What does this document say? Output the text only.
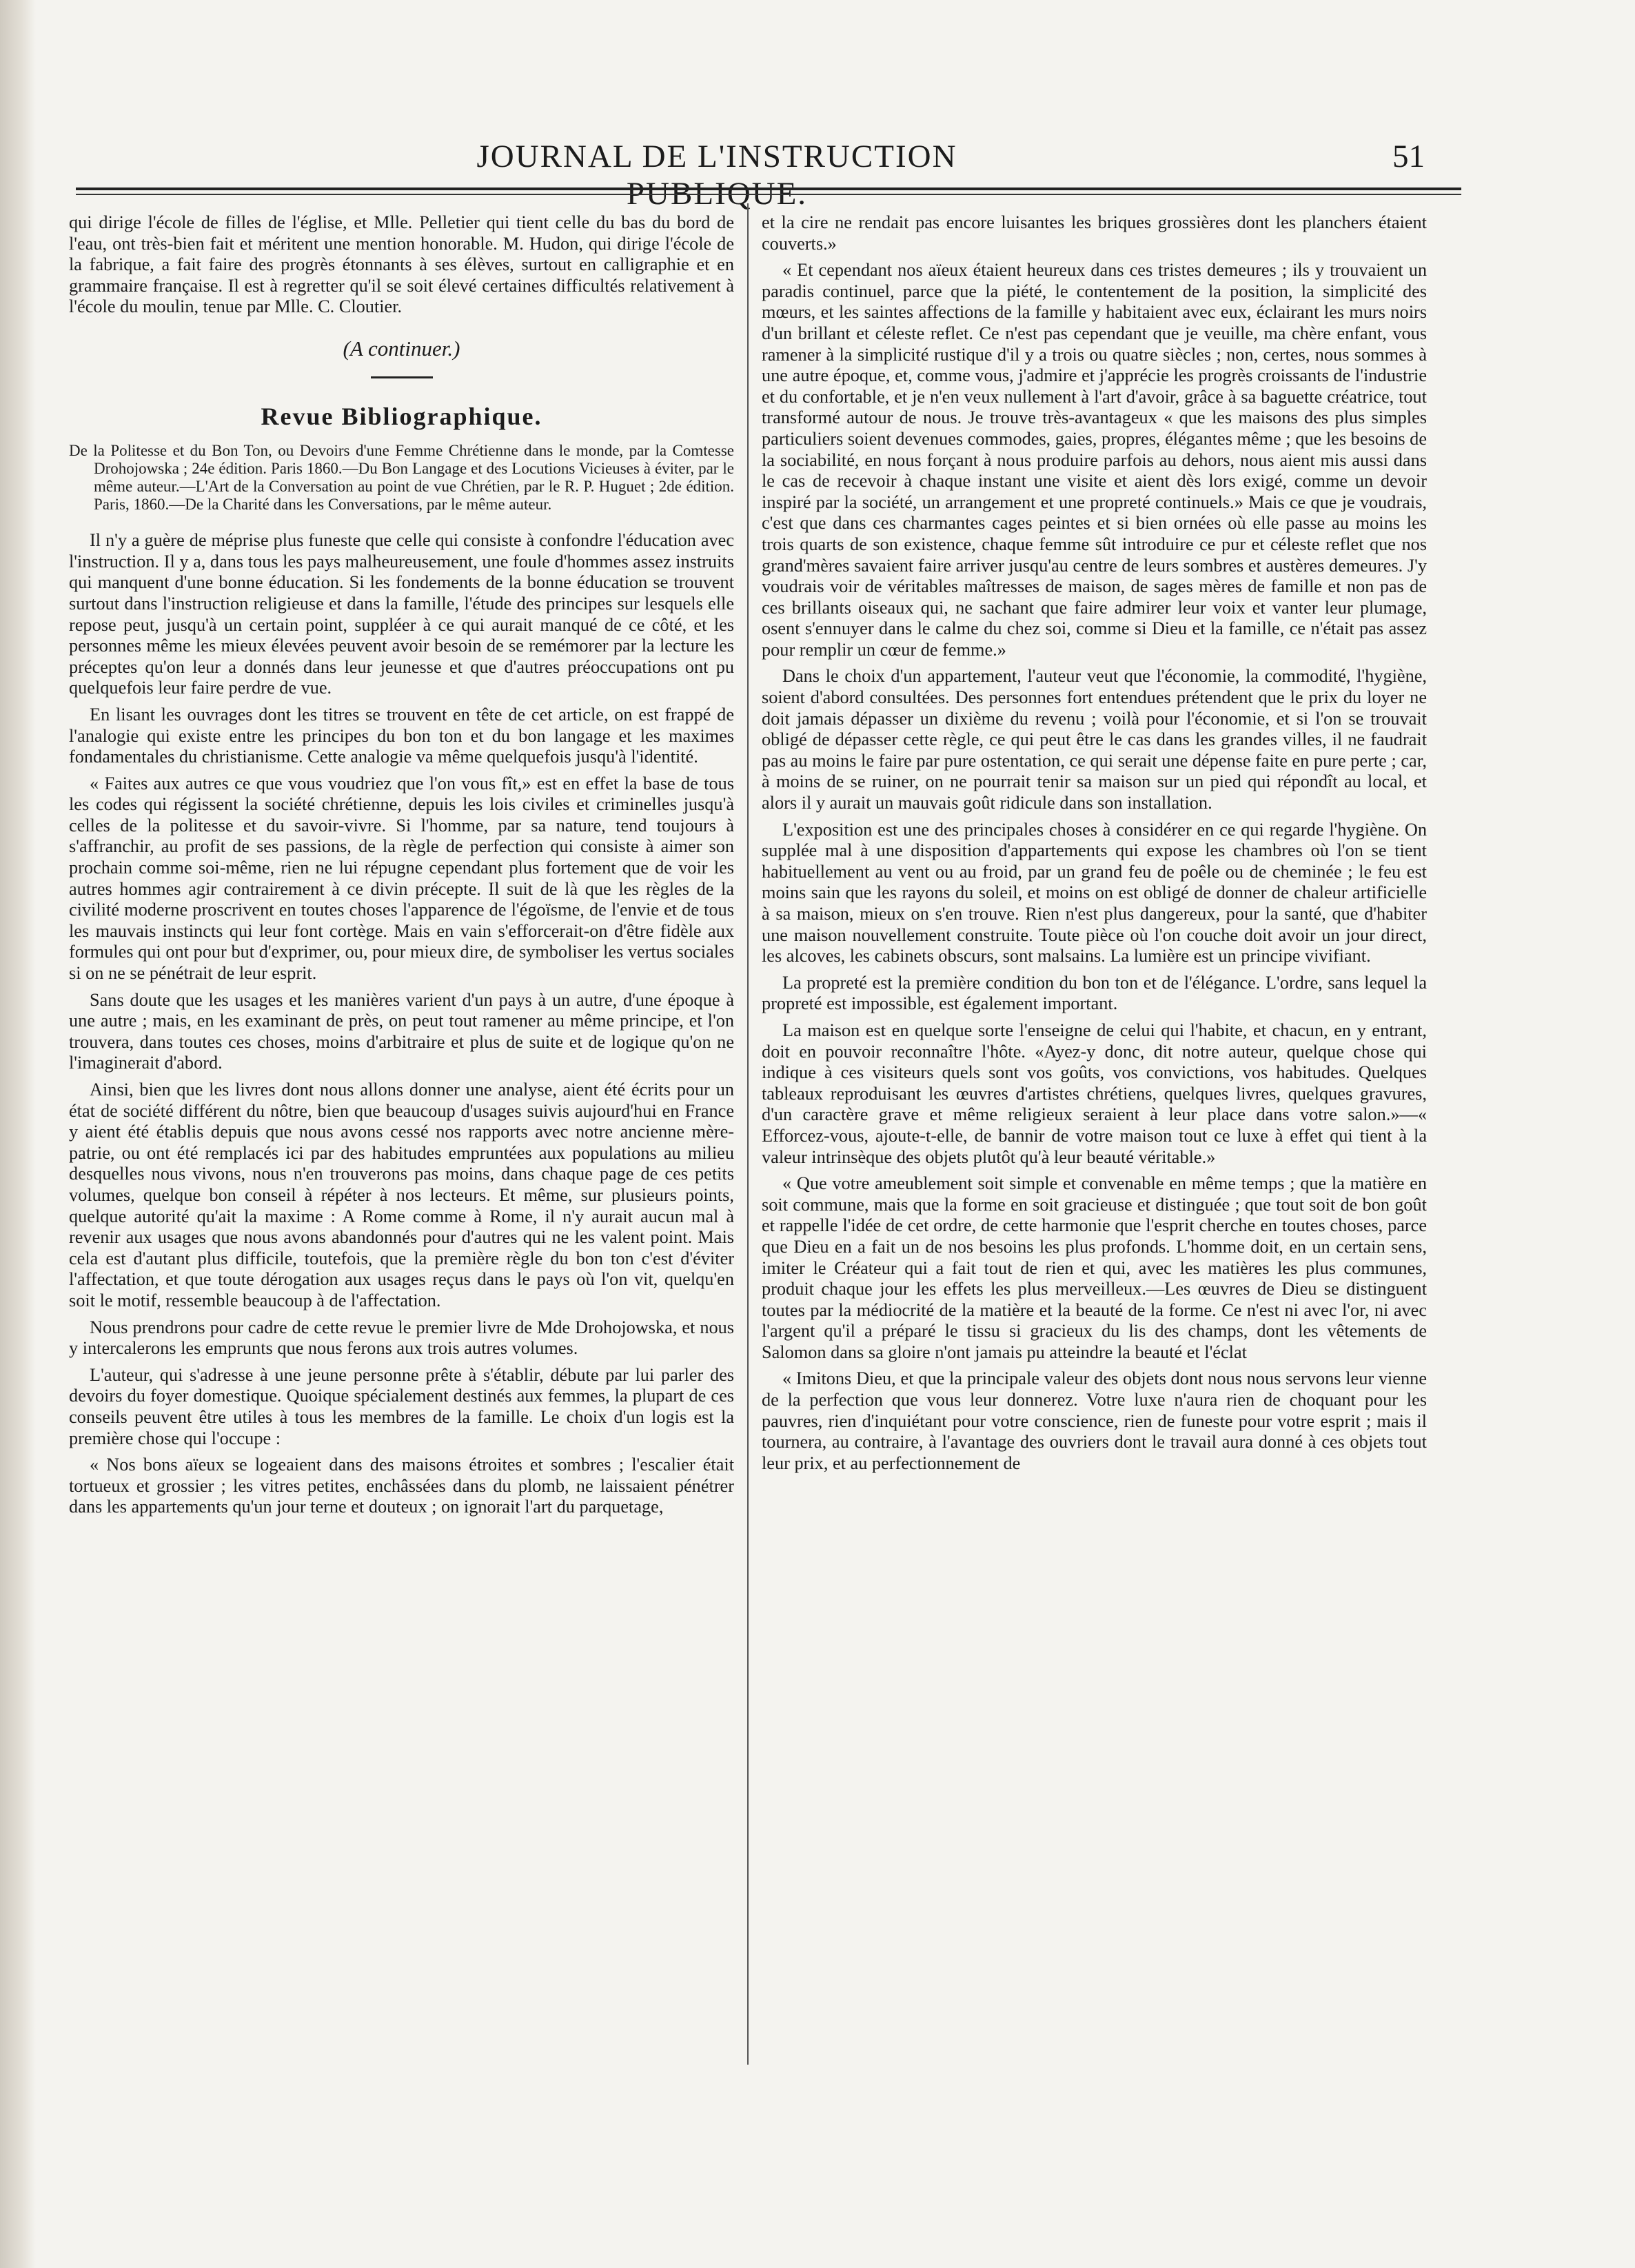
JOURNAL DE L'INSTRUCTION	51

qui dirige l'école de filles de l'église, et Mlle. Pelletier qui tient celle du bas du bord de l'eau, ont très-bien fait et méritent une mention honorable. M. Hudon, qui dirige l'école de la fabrique, a fait faire des progrès étonnants à ses élèves, surtout en calligraphie et en grammaire française. Il est à regretter qu'il se soit élevé certaines difficultés relativement à l'école du moulin, tenue par Mlle. C. Cloutier.

(A continuer.)
Revue Bibliographique.
De la Politesse et du Bon Ton, ou Devoirs d'une Femme Chrétienne dans le monde, par la Comtesse Drohojowska ; 24e édition. Paris 1860.—Du Bon Langage et des Locutions Vicieuses à éviter, par le même auteur.—L'Art de la Conversation au point de vue Chrétien, par le R. P. Huguet ; 2de édition. Paris, 1860.—De la Charité dans les Conversations, par le même auteur.

Il n'y a guère de méprise plus funeste que celle qui consiste à confondre l'éducation avec l'instruction. Il y a, dans tous les pays malheureusement, une foule d'hommes assez instruits qui manquent d'une bonne éducation. Si les fondements de la bonne éducation se trouvent surtout dans l'instruction religieuse et dans la famille, l'étude des principes sur lesquels elle repose peut, jusqu'à un certain point, suppléer à ce qui aurait manqué de ce côté, et les personnes même les mieux élevées peuvent avoir besoin de se remémorer par la lecture les préceptes qu'on leur a donnés dans leur jeunesse et que d'autres préoccupations ont pu quelquefois leur faire perdre de vue.

En lisant les ouvrages dont les titres se trouvent en tête de cet article, on est frappé de l'analogie qui existe entre les principes du bon ton et du bon langage et les maximes fondamentales du christianisme. Cette analogie va même quelquefois jusqu'à l'identité.

« Faites aux autres ce que vous voudriez que l'on vous fît,» est en effet la base de tous les codes qui régissent la société chrétienne, depuis les lois civiles et criminelles jusqu'à celles de la politesse et du savoir-vivre. Si l'homme, par sa nature, tend toujours à s'affranchir, au profit de ses passions, de la règle de perfection qui consiste à aimer son prochain comme soi-même, rien ne lui répugne cependant plus fortement que de voir les autres hommes agir contrairement à ce divin précepte. Il suit de là que les règles de la civilité moderne proscrivent en toutes choses l'apparence de l'égoïsme, de l'envie et de tous les mauvais instincts qui leur font cortège. Mais en vain s'efforcerait-on d'être fidèle aux formules qui ont pour but d'exprimer, ou, pour mieux dire, de symboliser les vertus sociales si on ne se pénétrait de leur esprit.

Sans doute que les usages et les manières varient d'un pays à un autre, d'une époque à une autre ; mais, en les examinant de près, on peut tout ramener au même principe, et l'on trouvera, dans toutes ces choses, moins d'arbitraire et plus de suite et de logique qu'on ne l'imaginerait d'abord.

Ainsi, bien que les livres dont nous allons donner une analyse, aient été écrits pour un état de société différent du nôtre, bien que beaucoup d'usages suivis aujourd'hui en France y aient été établis depuis que nous avons cessé nos rapports avec notre ancienne mère-patrie, ou ont été remplacés ici par des habitudes empruntées aux populations au milieu desquelles nous vivons, nous n'en trouverons pas moins, dans chaque page de ces petits volumes, quelque bon conseil à répéter à nos lecteurs. Et même, sur plusieurs points, quelque autorité qu'ait la maxime : A Rome comme à Rome, il n'y aurait aucun mal à revenir aux usages que nous avons abandonnés pour d'autres qui ne les valent point. Mais cela est d'autant plus difficile, toutefois, que la première règle du bon ton c'est d'éviter l'affectation, et que toute dérogation aux usages reçus dans le pays où l'on vit, quelqu'en soit le motif, ressemble beaucoup à de l'affectation.

Nous prendrons pour cadre de cette revue le premier livre de Mde Drohojowska, et nous y intercalerons les emprunts que nous ferons aux trois autres volumes.

L'auteur, qui s'adresse à une jeune personne prête à s'établir, débute par lui parler des devoirs du foyer domestique. Quoique spécialement destinés aux femmes, la plupart de ces conseils peuvent être utiles à tous les membres de la famille. Le choix d'un logis est la première chose qui l'occupe :

« Nos bons aïeux se logeaient dans des maisons étroites et sombres ; l'escalier était tortueux et grossier ; les vitres petites, enchâssées dans du plomb, ne laissaient pénétrer dans les appartements qu'un jour terne et douteux ; on ignorait l'art du parquetage,

et la cire ne rendait pas encore luisantes les briques grossières dont les planchers étaient couverts.»

« Et cependant nos aïeux étaient heureux dans ces tristes demeures ; ils y trouvaient un paradis continuel, parce que la piété, le contentement de la position, la simplicité des mœurs, et les saintes affections de la famille y habitaient avec eux, éclairant les murs noirs d'un brillant et céleste reflet. Ce n'est pas cependant que je veuille, ma chère enfant, vous ramener à la simplicité rustique d'il y a trois ou quatre siècles ; non, certes, nous sommes à une autre époque, et, comme vous, j'admire et j'apprécie les progrès croissants de l'industrie et du confortable, et je n'en veux nullement à l'art d'avoir, grâce à sa baguette créatrice, tout transformé autour de nous. Je trouve très-avantageux « que les maisons des plus simples particuliers soient devenues commodes, gaies, propres, élégantes même ; que les besoins de la sociabilité, en nous forçant à nous produire parfois au dehors, nous aient mis aussi dans le cas de recevoir à chaque instant une visite et aient dès lors exigé, comme un devoir inspiré par la société, un arrangement et une propreté continuels.» Mais ce que je voudrais, c'est que dans ces charmantes cages peintes et si bien ornées où elle passe au moins les trois quarts de son existence, chaque femme sût introduire ce pur et céleste reflet que nos grand'mères savaient faire arriver jusqu'au centre de leurs sombres et austères demeures. J'y voudrais voir de véritables maîtresses de maison, de sages mères de famille et non pas de ces brillants oiseaux qui, ne sachant que faire admirer leur voix et vanter leur plumage, osent s'ennuyer dans le calme du chez soi, comme si Dieu et la famille, ce n'était pas assez pour remplir un cœur de femme.»

Dans le choix d'un appartement, l'auteur veut que l'économie, la commodité, l'hygiène, soient d'abord consultées. Des personnes fort entendues prétendent que le prix du loyer ne doit jamais dépasser un dixième du revenu ; voilà pour l'économie, et si l'on se trouvait obligé de dépasser cette règle, ce qui peut être le cas dans les grandes villes, il ne faudrait pas au moins le faire par pure ostentation, ce qui serait une dépense faite en pure perte ; car, à moins de se ruiner, on ne pourrait tenir sa maison sur un pied qui répondît au local, et alors il y aurait un mauvais goût ridicule dans son installation.

L'exposition est une des principales choses à considérer en ce qui regarde l'hygiène. On supplée mal à une disposition d'appartements qui expose les chambres où l'on se tient habituellement au vent ou au froid, par un grand feu de poêle ou de cheminée ; le feu est moins sain que les rayons du soleil, et moins on est obligé de donner de chaleur artificielle à sa maison, mieux on s'en trouve. Rien n'est plus dangereux, pour la santé, que d'habiter une maison nouvellement construite. Toute pièce où l'on couche doit avoir un jour direct, les alcoves, les cabinets obscurs, sont malsains. La lumière est un principe vivifiant.

La propreté est la première condition du bon ton et de l'élégance. L'ordre, sans lequel la propreté est impossible, est également important.

La maison est en quelque sorte l'enseigne de celui qui l'habite, et chacun, en y entrant, doit en pouvoir reconnaître l'hôte. «Ayez-y donc, dit notre auteur, quelque chose qui indique à ces visiteurs quels sont vos goûts, vos convictions, vos habitudes. Quelques tableaux reproduisant les œuvres d'artistes chrétiens, quelques livres, quelques gravures, d'un caractère grave et même religieux seraient à leur place dans votre salon.»—« Efforcez-vous, ajoute-t-elle, de bannir de votre maison tout ce luxe à effet qui tient à la valeur intrinsèque des objets plutôt qu'à leur beauté véritable.»

« Que votre ameublement soit simple et convenable en même temps ; que la matière en soit commune, mais que la forme en soit gracieuse et distinguée ; que tout soit de bon goût et rappelle l'idée de cet ordre, de cette harmonie que l'esprit cherche en toutes choses, parce que Dieu en a fait un de nos besoins les plus profonds. L'homme doit, en un certain sens, imiter le Créateur qui a fait tout de rien et qui, avec les matières les plus communes, produit chaque jour les effets les plus merveilleux.—Les œuvres de Dieu se distinguent toutes par la médiocrité de la matière et la beauté de la forme. Ce n'est ni avec l'or, ni avec l'argent qu'il a préparé le tissu si gracieux du lis des champs, dont les vêtements de Salomon dans sa gloire n'ont jamais pu atteindre la beauté et l'éclat

« Imitons Dieu, et que la principale valeur des objets dont nous nous servons leur vienne de la perfection que vous leur donnerez. Votre luxe n'aura rien de choquant pour les pauvres, rien d'inquiétant pour votre conscience, rien de funeste pour votre esprit ; mais il tournera, au contraire, à l'avantage des ouvriers dont le travail aura donné à ces objets tout leur prix, et au perfectionnement de
